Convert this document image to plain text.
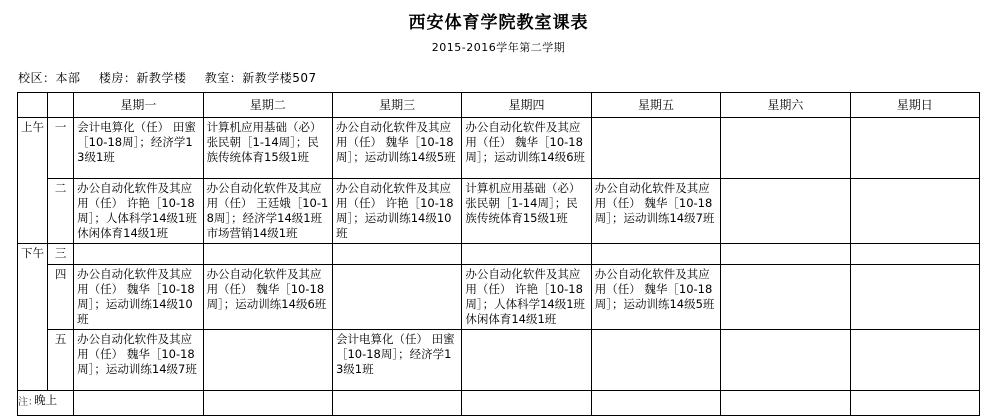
西安体育学院教室课表
2015-2016学年第二学期
校区：本部 楼房：新教学楼 教室：新教学楼507
		星期一	星期二	星期三	星期四	星期五	星期六	星期日
上午	一	会计电算化（任） 田蜜［10-18周］；经济学13级1班	计算机应用基础（必） 张民朝［1-14周］；民族传统体育15级1班	办公自动化软件及其应用（任） 魏华［10-18周］；运动训练14级5班	办公自动化软件及其应用（任） 魏华［10-18周］；运动训练14级6班			

	二	办公自动化软件及其应用（任） 许艳［10-18周］；人体科学14级1班 休闲体育14级1班	办公自动化软件及其应用（任） 王廷娥［10-18周］；经济学14级1班 市场营销14级1班	办公自动化软件及其应用（任） 许艳［10-18周］；运动训练14级10班	计算机应用基础（必） 张民朝［1-14周］；民族传统体育15级1班	办公自动化软件及其应用（任） 魏华［10-18周］；运动训练14级7班		

下午	三	

	四	办公自动化软件及其应用（任） 魏华［10-18周］；运动训练14级10班	办公自动化软件及其应用（任） 魏华［10-18周］；运动训练14级6班		办公自动化软件及其应用（任） 许艳［10-18周］；人体科学14级1班 休闲体育14级1班	办公自动化软件及其应用（任） 魏华［10-18周］；运动训练14级5班		

	五	办公自动化软件及其应用（任） 魏华［10-18周］；运动训练14级7班		会计电算化（任） 田蜜［10-18周］；经济学13级1班				

晚上		

注：
